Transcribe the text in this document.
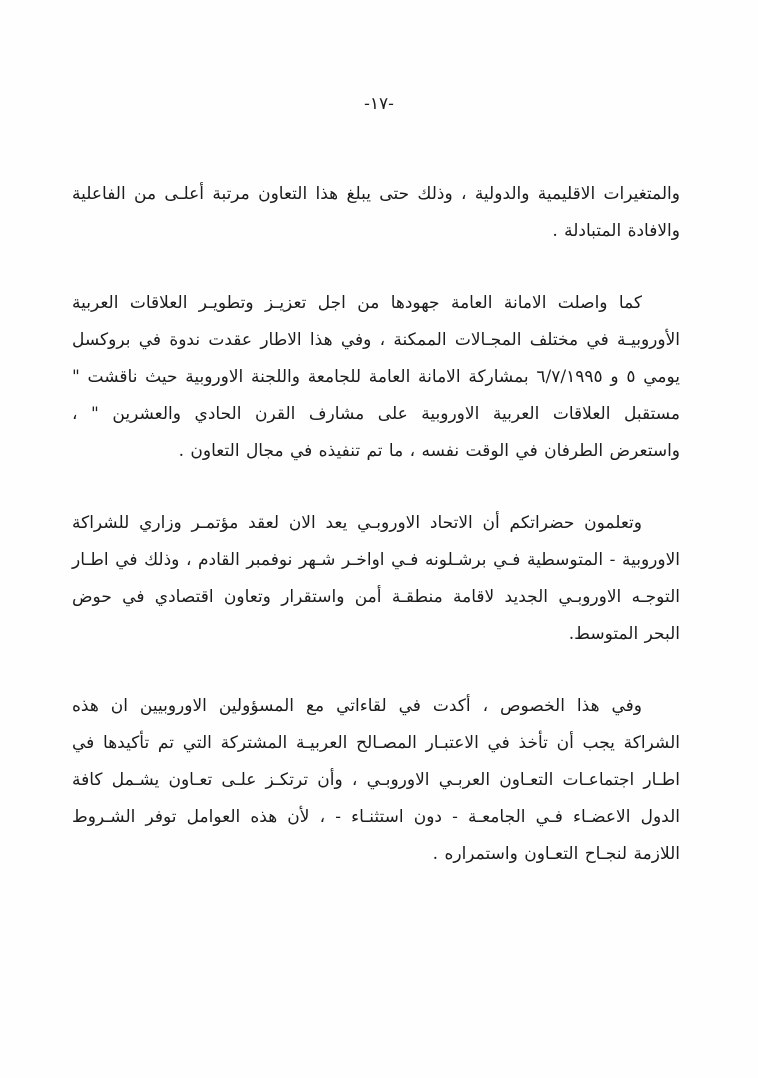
-١٧-

والمتغيرات الاقليمية والدولية ، وذلك حتى يبلغ هذا التعاون مرتبة أعلـى من الفاعلية والافادة المتبادلة .

كما واصلت الامانة العامة جهودها من اجل تعزيـز وتطويـر العلاقات العربية الأوروبيـة في مختلف المجـالات الممكنة ، وفي هذا الاطار عقدت ندوة في بروكسل يومي ٥ و ٦/٧/١٩٩٥ بمشاركة الامانة العامة للجامعة واللجنة الاوروبية حيث ناقشت " مستقبل العلاقات العربية الاوروبية على مشارف القرن الحادي والعشرين " ، واستعرض الطرفان في الوقت نفسه ، ما تم تنفيذه في مجال التعاون .

وتعلمون حضراتكم أن الاتحاد الاوروبـي يعد الان لعقد مؤتمـر وزاري للشراكة الاوروبية - المتوسطية فـي برشـلونه فـي اواخـر شـهر نوفمبر القادم ، وذلك في اطـار التوجـه الاوروبـي الجديد لاقامة منطقـة أمن واستقرار وتعاون اقتصادي في حوض البحر المتوسط.

وفي هذا الخصوص ، أكدت في لقاءاتي مع المسؤولين الاوروبيين ان هذه الشراكة يجب أن تأخذ في الاعتبـار المصـالح العربيـة المشتركة التي تم تأكيدها في اطـار اجتماعـات التعـاون العربـي الاوروبـي ، وأن ترتكـز علـى تعـاون يشـمل كافة الدول الاعضـاء فـي الجامعـة - دون استثنـاء - ، لأن هذه العوامل توفر الشـروط اللازمة لنجـاح التعـاون واستمراره .
